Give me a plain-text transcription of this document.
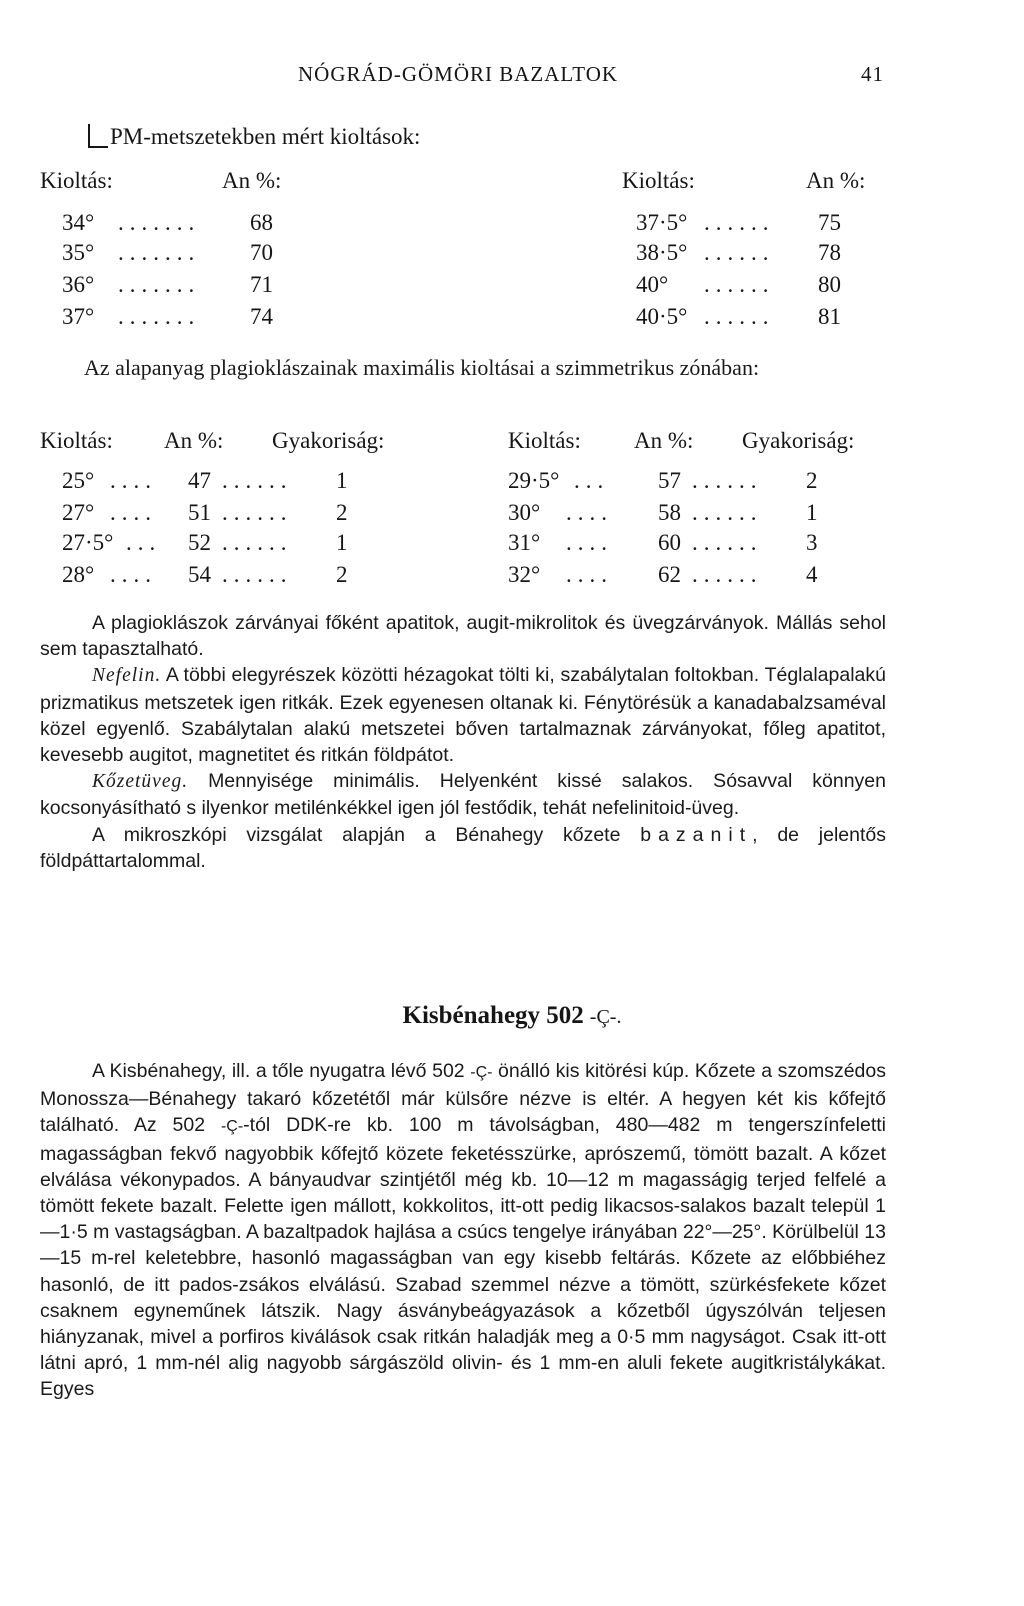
NÓGRÁD-GÖMÖRI BAZALTOK	41
PM-metszetekben mért kioltások:
Kioltás:	An %:	Kioltás:	An %:
34° ....... 68
35° ....... 70
36° ....... 71
37° ....... 74
37·5° ...... 75
38·5° ...... 78
40° ...... 80
40·5° ...... 81
Az alapanyag plagioklászainak maximális kioltásai a szimmetrikus zónában:
Kioltás: An %: Gyakoriság:	Kioltás: An %: Gyakoriság:
25° .... 47 ...... 1
27° .... 51 ...... 2
27·5° ... 52 ...... 1
28° .... 54 ...... 2
29·5° ... 57 ...... 2
30° .... 58 ...... 1
31° .... 60 ...... 3
32° .... 62 ...... 4

A plagioklászok zárványai főként apatitok, augit-mikrolitok és üvegzárványok. Mállás sehol sem tapasztalható.

Nefelin. A többi elegyrészek közötti hézagokat tölti ki, szabálytalan foltokban. Téglalapalakú prizmatikus metszetek igen ritkák. Ezek egyenesen oltanak ki. Fénytörésük a kanadabalzsaméval közel egyenlő. Szabálytalan alakú metszetei bőven tartalmaznak zárványokat, főleg apatitot, kevesebb augitot, magnetitet és ritkán földpátot.

Kőzetüveg. Mennyisége minimális. Helyenként kissé salakos. Sósavval könnyen kocsonyásítható s ilyenkor metilénkékkel igen jól festődik, tehát nefelinitoid-üveg.

A mikroszkópi vizsgálat alapján a Bénahegy kőzete bazanit, de jelentős földpáttartalommal.

Kisbénahegy 502 -Ç-.

A Kisbénahegy, ill. a tőle nyugatra lévő 502 -Ç- önálló kis kitörési kúp. Kőzete a szomszédos Monossza—Bénahegy takaró kőzetétől már külsőre nézve is eltér. A hegyen két kis kőfejtő található. Az 502 -Ç--tól DDK-re kb. 100 m távolságban, 480—482 m tengerszínfeletti magasságban fekvő nagyobbik kőfejtő közete feketésszürke, aprószemű, tömött bazalt. A kőzet elválása vékonypados. A bányaudvar szintjétől még kb. 10—12 m magasságig terjed felfelé a tömött fekete bazalt. Felette igen mállott, kokkolitos, itt-ott pedig likacsos-salakos bazalt települ 1—1·5 m vastagságban. A bazaltpadok hajlása a csúcs tengelye irányában 22°—25°. Körülbelül 13—15 m-rel keletebbre, hasonló magasságban van egy kisebb feltárás. Kőzete az előbbiéhez hasonló, de itt pados-zsákos elválású. Szabad szemmel nézve a tömött, szürkésfekete kőzet csaknem egyneműnek látszik. Nagy ásványbeágyazások a kőzetből úgyszólván teljesen hiányzanak, mivel a porfiros kiválások csak ritkán haladják meg a 0·5 mm nagyságot. Csak itt-ott látni apró, 1 mm-nél alig nagyobb sárgászöld olivin- és 1 mm-en aluli fekete augitkristálykákat. Egyes
